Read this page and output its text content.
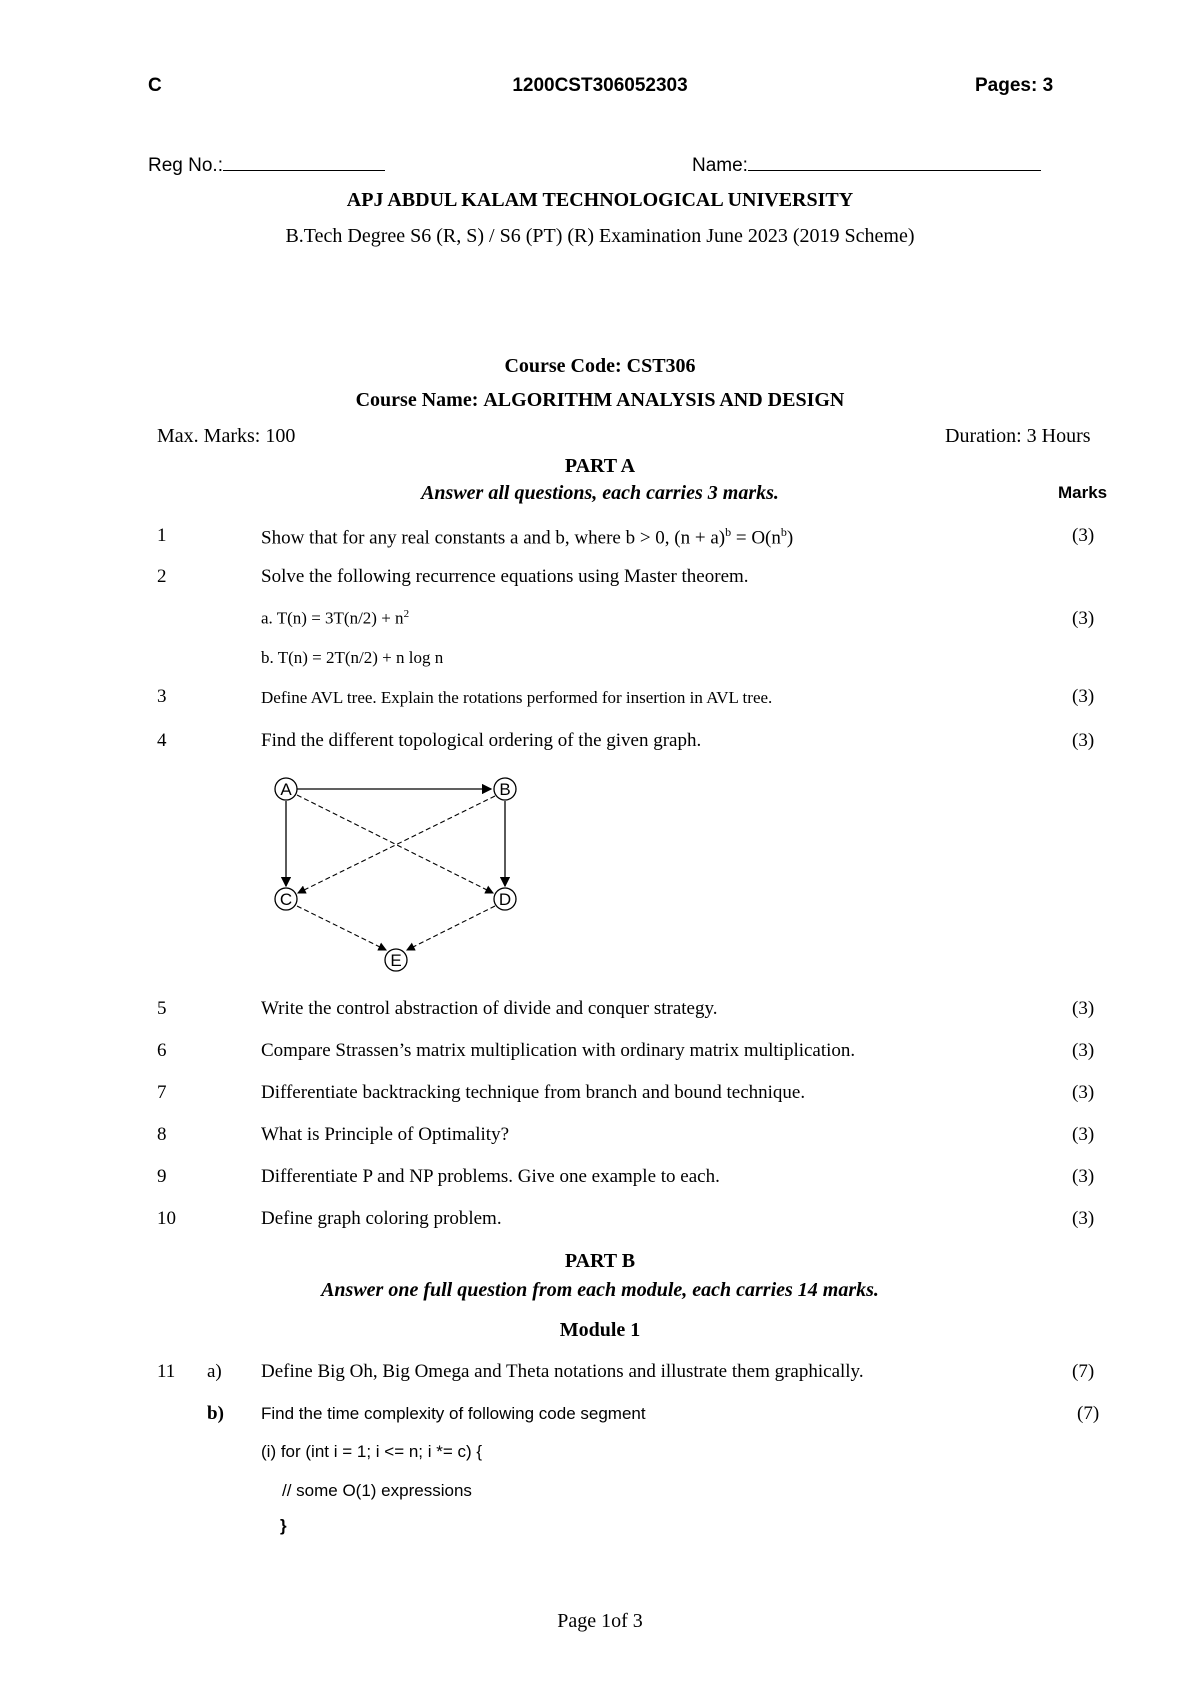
C	1200CST306052303	Pages: 3
Reg No.:	Name:
APJ ABDUL KALAM TECHNOLOGICAL UNIVERSITY
B.Tech Degree S6 (R, S) / S6 (PT) (R) Examination June 2023 (2019 Scheme)
Course Code: CST306
Course Name: ALGORITHM ANALYSIS AND DESIGN
Max. Marks: 100	Duration: 3 Hours
PART A
Answer all questions, each carries 3 marks.	Marks
1	Show that for any real constants a and b, where b > 0, $(n + a)^b = O(n^b)$	(3)
2	Solve the following recurrence equations using Master theorem.
a. $T(n) = 3T(n/2) + n^2$	(3)
b. T(n) = 2T(n/2) + n log n
3	Define AVL tree. Explain the rotations performed for insertion in AVL tree.	(3)
4	Find the different topological ordering of the given graph.	(3)
A	B
C	D
E
5	Write the control abstraction of divide and conquer strategy.	(3)
6	Compare Strassen’s matrix multiplication with ordinary matrix multiplication.	(3)
7	Differentiate backtracking technique from branch and bound technique.	(3)
8	What is Principle of Optimality?	(3)
9	Differentiate P and NP problems. Give one example to each.	(3)
10	Define graph coloring problem.	(3)
PART B
Answer one full question from each module, each carries 14 marks.
Module 1
11 a) Define Big Oh, Big Omega and Theta notations and illustrate them graphically.	(7)
b) Find the time complexity of following code segment	(7)
(i) for (int i = 1; i <= n; i *= c) {
// some O(1) expressions
}
Page 1of 3
